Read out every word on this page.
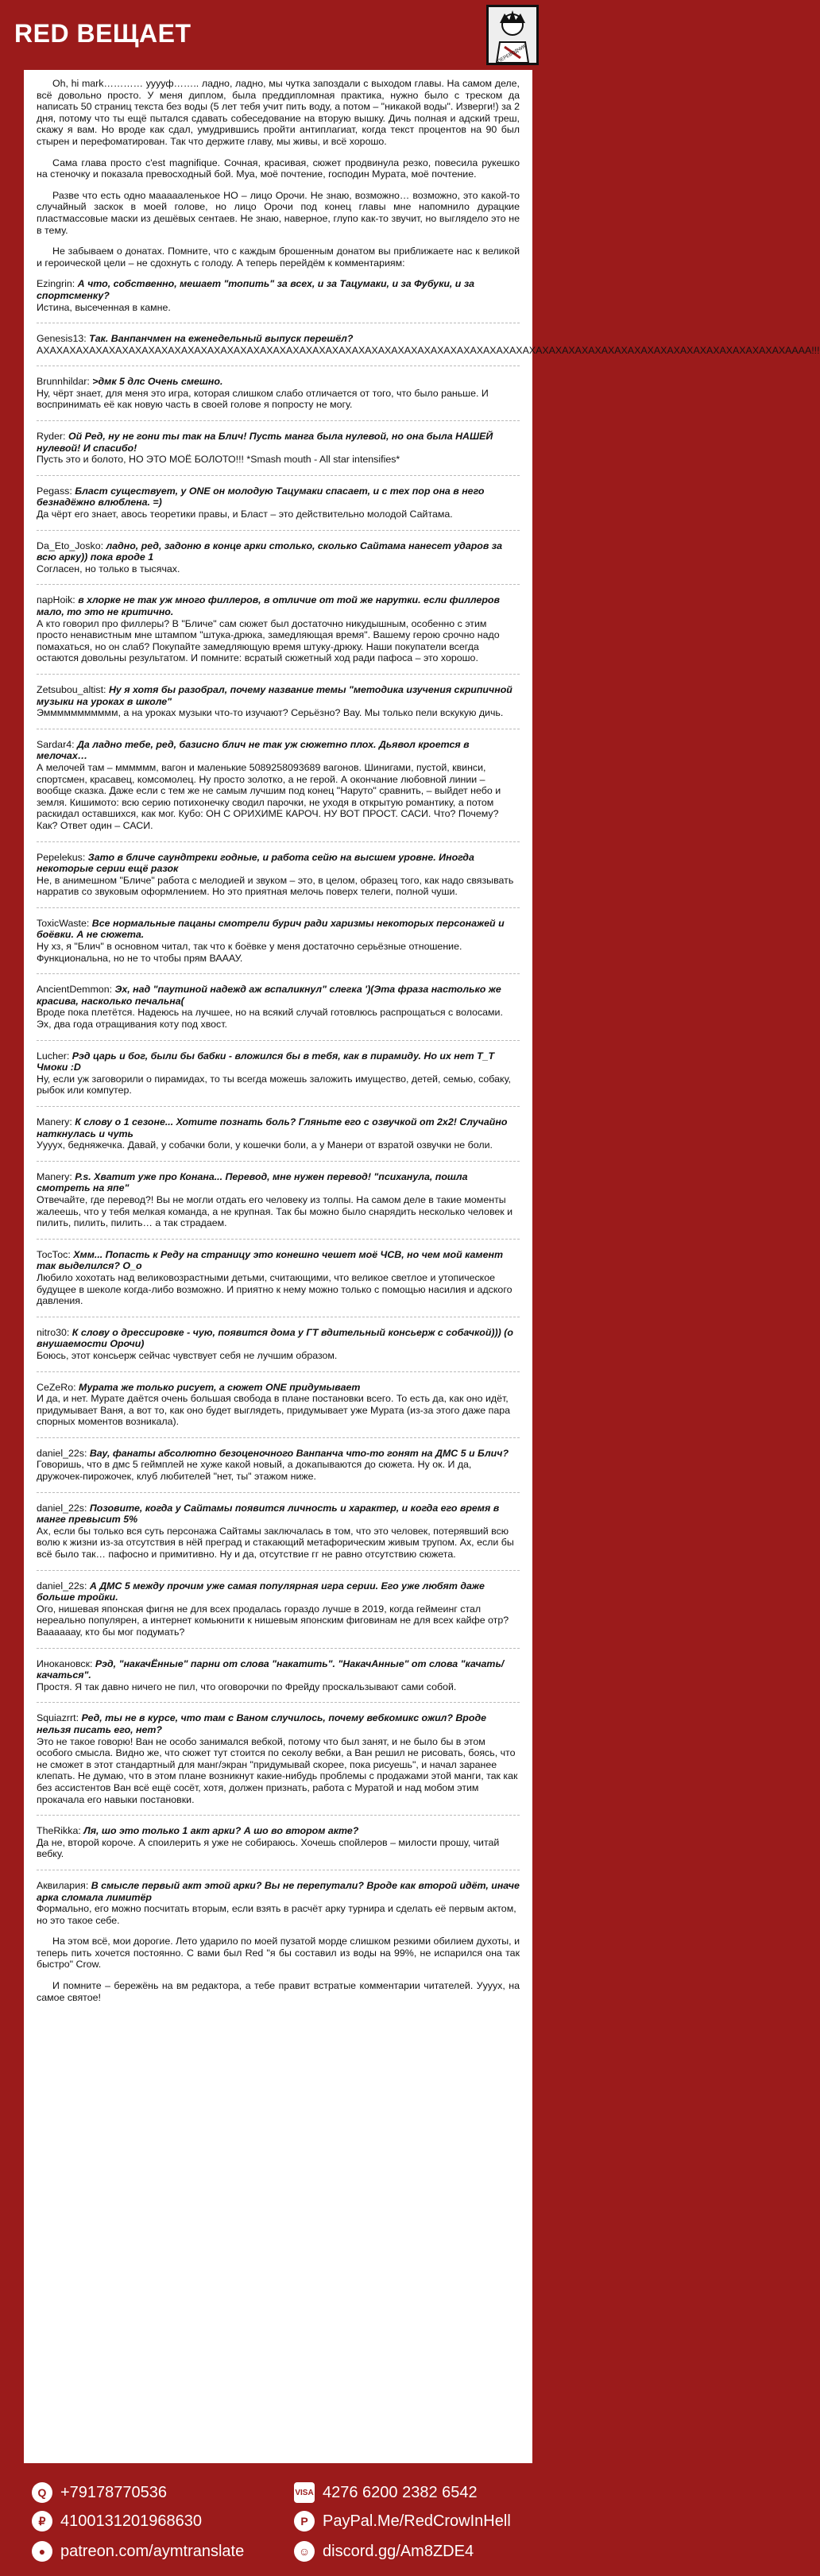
RED ВЕЩАЕТ
ПЕРЕВОДЧИК

Oh, hi mark………… ууууф…….. ладно, ладно, мы чутка запоздали с выходом главы. На самом деле, всё довольно просто. У меня диплом, была преддипломная практика, нужно было с треском да написать 50 страниц текста без воды (5 лет тебя учит пить воду, а потом – "никакой воды". Изверги!) за 2 дня, потому что ты ещё пытался сдавать собеседование на вторую вышку. Дичь полная и адский треш, скажу я вам. Но вроде как сдал, умудрившись пройти антиплагиат, когда текст процентов на 90 был стырен и перефоматирован. Так что держите главу, мы живы, и всё хорошо.

Сама глава просто c'est magnifique. Сочная, красивая, сюжет продвинула резко, повесила рукешко на стеночку и показала превосходный бой. Муа, моё почтение, господин Мурата, моё почтение.

Разве что есть одно маааааленькое НО – лицо Орочи. Не знаю, возможно… возможно, это какой-то случайный заскок в моей голове, но лицо Орочи под конец главы мне напомнило дурацкие пластмассовые маски из дешёвых сентаев. Не знаю, наверное, глупо как-то звучит, но выглядело это не в тему.

Не забываем о донатах. Помните, что с каждым брошенным донатом вы приближаете нас к великой и героической цели – не сдохнуть с голоду. А теперь перейдём к комментариям:

Ezingrin: А что, собственно, мешает "топить" за всех, и за Тацумаки, и за Фубуки, и за спортсменку?
Истина, высеченная в камне.
Genesis13: Так. Ванпанчмен на еженедельный выпуск перешёл?
АХАХАХАХАХАХАХАХАХАХАХАХАХАХАХАХАХАХАХАХАХАХАХАХАХАХАХАХАХАХАХАХАХАХАХАХАХАХАХАХАХАХАХАХАХАХАХАХАХАХАХАХАХАХАХАХАХАААА!!!
Brunnhildar: >дмк 5 длс Очень смешно.
Ну, чёрт знает, для меня это игра, которая слишком слабо отличается от того, что было раньше. И воспринимать её как новую часть в своей голове я попросту не могу.
Ryder: Ой Ред, ну не гони ты так на Блич! Пусть манга была нулевой, но она была НАШЕЙ нулевой! И спасибо!
Пусть это и болото, НО ЭТО МОЁ БОЛОТО!!! *Smash mouth - All star intensifies*
Pegass: Бласт существует, у ONE он молодую Тацумаки спасает, и с тех пор она в него безнадёжно влюблена. =)
Да чёрт его знает, авось теоретики правы, и Бласт – это действительно молодой Сайтама.
Da_Eto_Josko: ладно, ред, задоню в конце арки столько, сколько Сайтама нанесет ударов за всю арку)) пока вроде 1
Согласен, но только в тысячах.
парНоik: в хлорке не так уж много филлеров, в отличие от той же нарутки. если филлеров мало, то это не критично.
А кто говорил про филлеры? В "Бличе" сам сюжет был достаточно никудышным, особенно с этим просто ненавистным мне штампом "штука-дрюка, замедляющая время". Вашему герою срочно надо помахаться, но он слаб? Покупайте замедляющую время штуку-дрюку. Наши покупатели всегда остаются довольны результатом. И помните: всратый сюжетный ход ради пафоса – это хорошо.
Zetsubou_altist: Ну я хотя бы разобрал, почему название темы "методика изучения скрипичной музыки на уроках в школе"
Эммммммммммм, а на уроках музыки что-то изучают? Серьёзно? Вау. Мы только пели вскукую дичь.
Sardar4: Да ладно тебе, ред, базисно блич не так уж сюжетно плох. Дьявол кроется в мелочах…
А мелочей там – мммммм, вагон и маленькие 5089258093689 вагонов. Шинигами, пустой, квинси, спортсмен, красавец, комсомолец. Ну просто золотко, а не герой. А окончание любовной линии – вообще сказка. Даже если с тем же не самым лучшим под конец "Наруто" сравнить, – выйдет небо и земля. Кишимото: всю серию потихонечку сводил парочки, не уходя в открытую романтику, а потом раскидал оставшихся, как мог. Кубо: ОН С ОРИХИМЕ КАРОЧ. НУ ВОТ ПРОСТ. САСИ. Что? Почему? Как? Ответ один – САСИ.
Pepelekus: Зато в бличе саундтреки годные, и работа сейю на высшем уровне. Иногда некоторые серии ещё разок
Не, в анимешном "Бличе" работа с мелодией и звуком – это, в целом, образец того, как надо связывать нарратив со звуковым оформлением. Но это приятная мелочь поверх телеги, полной чуши.
ToxicWaste: Все нормальные пацаны смотрели бурич ради харизмы некоторых персонажей и боёвки. А не сюжета.
Ну хз, я "Блич" в основном читал, так что к боёвке у меня достаточно серьёзные отношение. Функциональна, но не то чтобы прям ВАААУ.
AncientDemmon: Эх, над "паутиной надежд аж вспаликнул" слегка ')(Эта фраза настолько же красива, насколько печальна(
Вроде пока плетётся. Надеюсь на лучшее, но на всякий случай готовлюсь распрощаться с волосами. Эх, два года отращивания коту под хвост.
Lucher: Рэд царь и бог, были бы бабки - вложился бы в тебя, как в пирамиду. Но их нет T_T Чмоки :D
Ну, если уж заговорили о пирамидах, то ты всегда можешь заложить имущество, детей, семью, собаку, рыбок или компутер.
Manery: К слову о 1 сезоне... Хотите познать боль? Гляньте его с озвучкой от 2x2! Случайно наткнулась и чуть
Уууух, бедняжечка. Давай, у собачки боли, у кошечки боли, а у Манери от взратой озвучки не боли.
Manery: P.s. Хватит уже про Конана... Перевод, мне нужен перевод! "психанула, пошла смотреть на япе"
Отвечайте, где перевод?! Вы не могли отдать его человеку из толпы. На самом деле в такие моменты жалеешь, что у тебя мелкая команда, а не крупная. Так бы можно было снарядить несколько человек и пилить, пилить, пилить… а так страдаем.
ТосТос: Хмм... Попасть к Реду на страницу это конешно чешет моё ЧСВ, но чем мой камент так выделился? О_о
Любило хохотать над великовозрастными детьми, считающими, что великое светлое и утопическое будущее в шеколе когда-либо возможно. И приятно к нему можно только с помощью насилия и адского давления.
nitro30: К слову о дрессировке - чую, появится дома у ГТ вдительный консьерж с собачкой))) (о внушаемости Орочи)
Боюсь, этот консьерж сейчас чувствует себя не лучшим образом.
CeZeRo: Мурата же только рисует, а сюжет ONE придумывает
И да, и нет. Мурате даётся очень большая свобода в плане постановки всего. То есть да, как оно идёт, придумывает Ваня, а вот то, как оно будет выглядеть, придумывает уже Мурата (из-за этого даже пара спорных моментов возникала).
daniel_22s: Вау, фанаты абсолютно безоценочного Ванпанча что-то гонят на ДМС 5 и Блич?
Говоришь, что в дмс 5 геймплей не хуже какой новый, а докапываются до сюжета. Ну ок. И да, дружочек-пирожочек, клуб любителей "нет, ты" этажом ниже.
daniel_22s: Позовите, когда у Сайтамы появится личность и характер, и когда его время в манге превысит 5%
Ах, если бы только вся суть персонажа Сайтамы заключалась в том, что это человек, потерявший всю волю к жизни из-за отсутствия в нёй преград и стакающий метафорическим живым трупом. Ах, если бы всё было так… пафосно и примитивно. Ну и да, отсутствие гг не равно отсутствию сюжета.
daniel_22s: А ДМС 5 между прочим уже самая популярная игра серии. Его уже любят даже больше тройки.
Ого, нишевая японская фигня не для всех продалась гораздо лучше в 2019, когда геймеинг стал нереально популярен, а интернет комьюнити к нишевым японским фиговинам не для всех кайфе отр? Ваааааау, кто бы мог подумать?
Инокановск: Рэд, "накачЁнные" парни от слова "накатить". "НакачАнные" от слова "качать/качаться".
Простя. Я так давно ничего не пил, что оговорочки по Фрейду проскальзывают сами собой.
Squiazrrt: Ред, ты не в курсе, что там с Ваном случилось, почему вебкомикс ожил? Вроде нельзя писать его, нет?
Это не такое говорю! Ван не особо занимался вебкой, потому что был занят, и не было бы в этом особого смысла. Видно же, что сюжет тут стоится по секолу вебки, а Ван решил не рисовать, боясь, что не сможет в этот стандартный для манг/экран "придумывай скорее, пока рисуешь", и начал заранее клепать. Не думаю, что в этом плане возникнут какие-нибудь проблемы с продажами этой манги, так как без ассистентов Ван всё ещё сосёт, хотя, должен признать, работа с Муратой и над мобом этим прокачала его навыки постановки.
TheRikka: Ля, шо это только 1 акт арки? А шо во втором акте?
Да не, второй короче. А споилерить я уже не собираюсь. Хочешь спойлеров – милости прошу, читай вебку.
Аквилария: В смысле первый акт этой арки? Вы не перепутали? Вроде как второй идёт, иначе арка сломала лимитёр
Формально, его можно посчитать вторым, если взять в расчёт арку турнира и сделать её первым актом, но это такое себе.

На этом всё, мои дорогие. Лето ударило по моей пузатой морде слишком резкими обилием духоты, и теперь пить хочется постоянно. С вами был Red "я бы составил из воды на 99%, не испарился она так быстро" Crow.

И помните – бережёнь на вм редактора, а тебе правит встратые комментарии читателей. Уууух, на самое святое!

Q +79178770536	VISA 4276 6200 2382 6542
₽ 4100131201968630	P PayPal.Me/RedCrowInHell
● patreon.com/aymtranslate	☺ discord.gg/Am8ZDE4
